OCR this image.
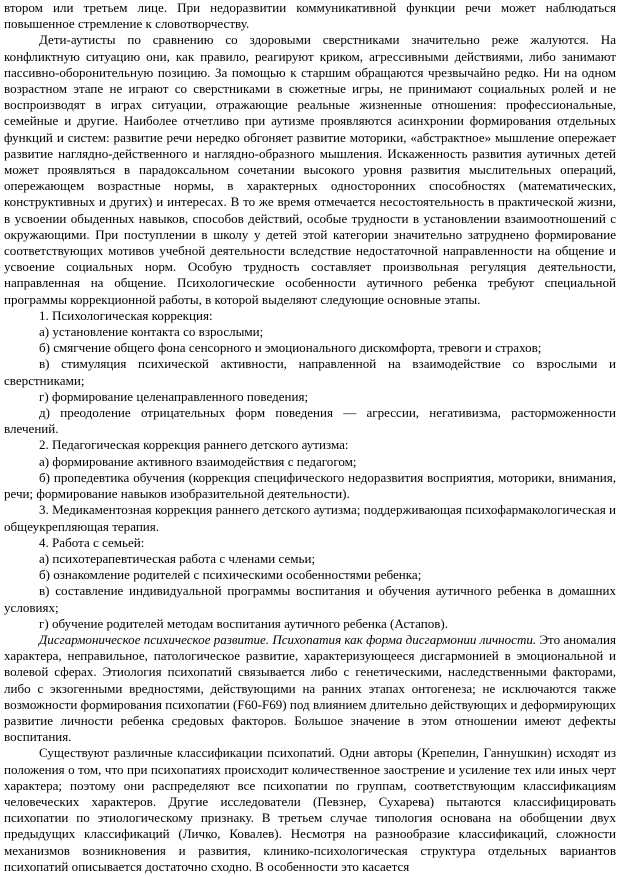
втором или третьем лице. При недоразвитии коммуникативной функции речи может наблюдаться повышенное стремление к словотворчеству.

Дети-аутисты по сравнению со здоровыми сверстниками значительно реже жалуются. На конфликтную ситуацию они, как правило, реагируют криком, агрессивными действиями, либо занимают пассивно-оборонительную позицию. За помощью к старшим обращаются чрезвычайно редко. Ни на одном возрастном этапе не играют со сверстниками в сюжетные игры, не принимают социальных ролей и не воспроизводят в играх ситуации, отражающие реальные жизненные отношения: профессиональные, семейные и другие. Наиболее отчетливо при аутизме проявляются асинхронии формирования отдельных функций и систем: развитие речи нередко обгоняет развитие моторики, «абстрактное» мышление опережает развитие наглядно-действенного и наглядно-образного мышления. Искаженность развития аутичных детей может проявляться в парадоксальном сочетании высокого уровня развития мыслительных операций, опережающем возрастные нормы, в характерных односторонних способностях (математических, конструктивных и других) и интересах. В то же время отмечается несостоятельность в практической жизни, в усвоении обыденных навыков, способов действий, особые трудности в установлении взаимоотношений с окружающими. При поступлении в школу у детей этой категории значительно затруднено формирование соответствующих мотивов учебной деятельности вследствие недостаточной направленности на общение и усвоение социальных норм. Особую трудность составляет произвольная регуляция деятельности, направленная на общение. Психологические особенности аутичного ребенка требуют специальной программы коррекционной работы, в которой выделяют следующие основные этапы.

1. Психологическая коррекция:

а) установление контакта со взрослыми;

б) смягчение общего фона сенсорного и эмоционального дискомфорта, тревоги и страхов;

в) стимуляция психической активности, направленной на взаимодействие со взрослыми и сверстниками;

г) формирование целенаправленного поведения;

д) преодоление отрицательных форм поведения — агрессии, негативизма, расторможенности влечений.

2. Педагогическая коррекция раннего детского аутизма:

а) формирование активного взаимодействия с педагогом;

б) пропедевтика обучения (коррекция специфического недоразвития восприятия, моторики, внимания, речи; формирование навыков изобразительной деятельности).

3. Медикаментозная коррекция раннего детского аутизма; поддерживающая психофармакологическая и общеукрепляющая терапия.

4. Работа с семьей:

а) психотерапевтическая работа с членами семьи;

б) ознакомление родителей с психическими особенностями ребенка;

в) составление индивидуальной программы воспитания и обучения аутичного ребенка в домашних условиях;

г) обучение родителей методам воспитания аутичного ребенка (Астапов).

Дисгармоническое психическое развитие. Психопатия как форма дисгармонии личности. Это аномалия характера, неправильное, патологическое развитие, характеризующееся дисгармонией в эмоциональной и волевой сферах. Этиология психопатий связывается либо с генетическими, наследственными факторами, либо с экзогенными вредностями, действующими на ранних этапах онтогенеза; не исключаются также возможности формирования психопатии (F60-F69) под влиянием длительно действующих и деформирующих развитие личности ребенка средовых факторов. Большое значение в этом отношении имеют дефекты воспитания.

Существуют различные классификации психопатий. Одни авторы (Крепелин, Ганнушкин) исходят из положения о том, что при психопатиях происходит количественное заострение и усиление тех или иных черт характера; поэтому они распределяют все психопатии по группам, соответствующим классификациям человеческих характеров. Другие исследователи (Певзнер, Сухарева) пытаются классифицировать психопатии по этиологическому признаку. В третьем случае типология основана на обобщении двух предыдущих классификаций (Личко, Ковалев). Несмотря на разнообразие классификаций, сложности механизмов возникновения и развития, клинико-психологическая структура отдельных вариантов психопатий описывается достаточно сходно. В особенности это касается
